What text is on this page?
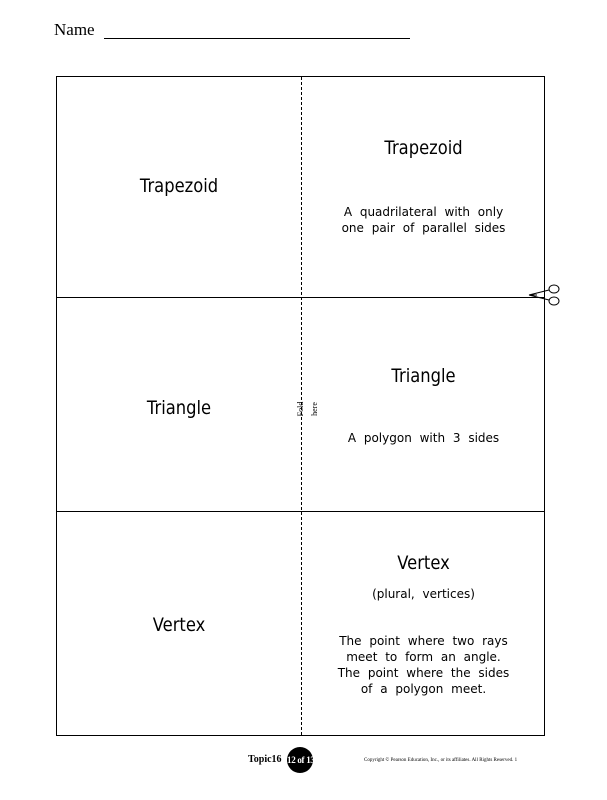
Name
Fold here
Trapezoid
Trapezoid
A quadrilateral with only
one pair of parallel sides
Triangle
Triangle
A polygon with 3 sides
Vertex
Vertex
(plural, vertices)
The point where two rays
meet to form an angle.
The point where the sides
of a polygon meet.
Topic16 12 of 13	Copyright © Pearson Education, Inc., or its affiliates. All Rights Reserved. 1
